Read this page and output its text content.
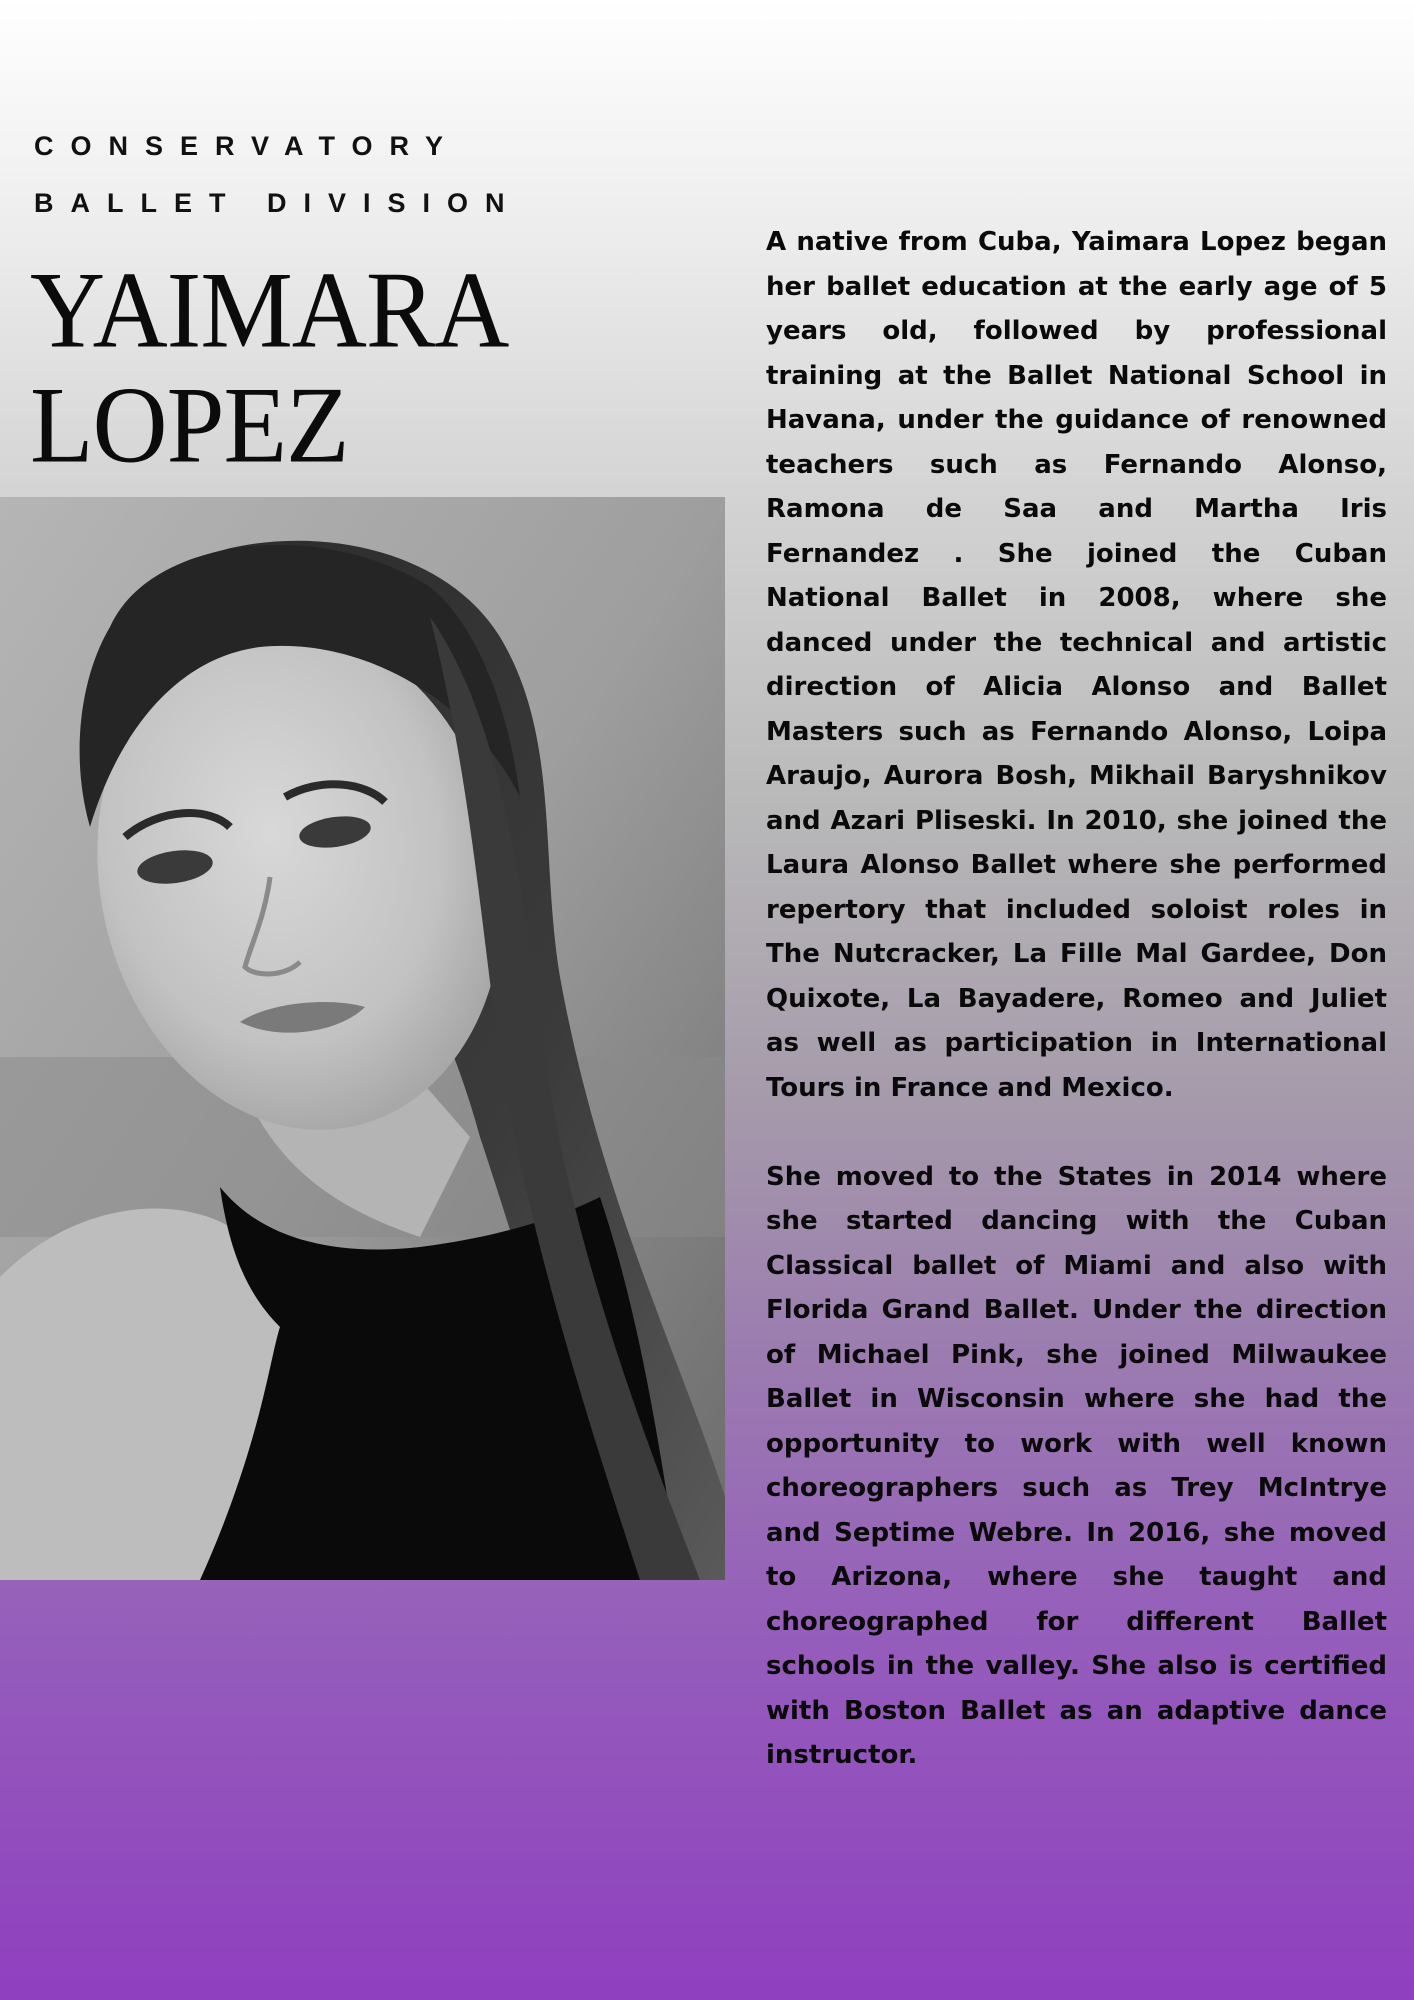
CONSERVATORY
BALLET DIVISION
YAIMARA
LOPEZ

A native from Cuba, Yaimara Lopez began her ballet education at the early age of 5 years old, followed by professional training at the Ballet National School in Havana, under the guidance of renowned teachers such as Fernando Alonso, Ramona de Saa and Martha Iris Fernandez . She joined the Cuban National Ballet in 2008, where she danced under the technical and artistic direction of Alicia Alonso and Ballet Masters such as Fernando Alonso, Loipa Araujo, Aurora Bosh, Mikhail Baryshnikov and Azari Pliseski. In 2010, she joined the Laura Alonso Ballet where she performed repertory that included soloist roles in The Nutcracker, La Fille Mal Gardee, Don Quixote, La Bayadere, Romeo and Juliet as well as participation in International Tours in France and Mexico.

She moved to the States in 2014 where she started dancing with the Cuban Classical ballet of Miami and also with Florida Grand Ballet. Under the direction of Michael Pink, she joined Milwaukee Ballet in Wisconsin where she had the opportunity to work with well known choreographers such as Trey McIntrye and Septime Webre. In 2016, she moved to Arizona, where she taught and choreographed for different Ballet schools in the valley. She also is certified with Boston Ballet as an adaptive dance instructor.
